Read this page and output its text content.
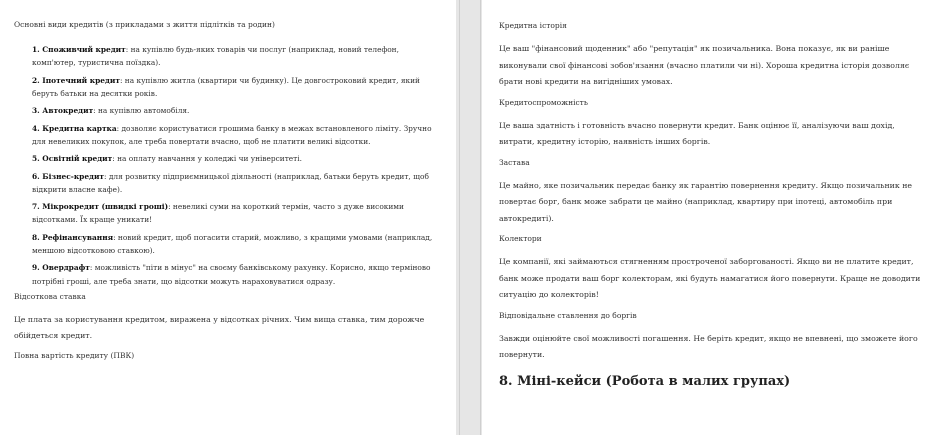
Основні види кредитів (з прикладами з життя підлітків та родин)

1. Споживчий кредит: на купівлю будь-яких товарів чи послуг (наприклад, новий телефон, комп'ютер, туристична поїздка).

2. Іпотечний кредит: на купівлю житла (квартири чи будинку). Це довгостроковий кредит, який беруть батьки на десятки років.

3. Автокредит: на купівлю автомобіля.

4. Кредитна картка: дозволяє користуватися грошима банку в межах встановленого ліміту. Зручно для невеликих покупок, але треба повертати вчасно, щоб не платити великі відсотки.

5. Освітній кредит: на оплату навчання у коледжі чи університеті.

6. Бізнес-кредит: для розвитку підприємницької діяльності (наприклад, батьки беруть кредит, щоб відкрити власне кафе).

7. Мікрокредит (швидкі гроші): невеликі суми на короткий термін, часто з дуже високими відсотками. Їх краще уникати!

8. Рефінансування: новий кредит, щоб погасити старий, можливо, з кращими умовами (наприклад, меншою відсотковою ставкою).

9. Овердрафт: можливість "піти в мінус" на своєму банківському рахунку. Корисно, якщо терміново потрібні гроші, але треба знати, що відсотки можуть нараховуватися одразу.

Відсоткова ставка

Це плата за користування кредитом, виражена у відсотках річних. Чим вища ставка, тим дорожче обійдеться кредит.

Повна вартість кредиту (ПВК)

Кредитна історія

Це ваш "фінансовий щоденник" або "репутація" як позичальника. Вона показує, як ви раніше виконували свої фінансові зобов'язання (вчасно платили чи ні). Хороша кредитна історія дозволяє брати нові кредити на вигідніших умовах.

Кредитоспроможність

Це ваша здатність і готовність вчасно повернути кредит. Банк оцінює її, аналізуючи ваш дохід, витрати, кредитну історію, наявність інших боргів.

Застава

Це майно, яке позичальник передає банку як гарантію повернення кредиту. Якщо позичальник не повертає борг, банк може забрати це майно (наприклад, квартиру при іпотеці, автомобіль при автокредиті).

Колектори

Це компанії, які займаються стягненням простроченої заборгованості. Якщо ви не платите кредит, банк може продати ваш борг колекторам, які будуть намагатися його повернути. Краще не доводити ситуацію до колекторів!

Відповідальне ставлення до боргів

Завжди оцінюйте свої можливості погашення. Не беріть кредит, якщо не впевнені, що зможете його повернути.

8. Міні-кейси (Робота в малих групах)
